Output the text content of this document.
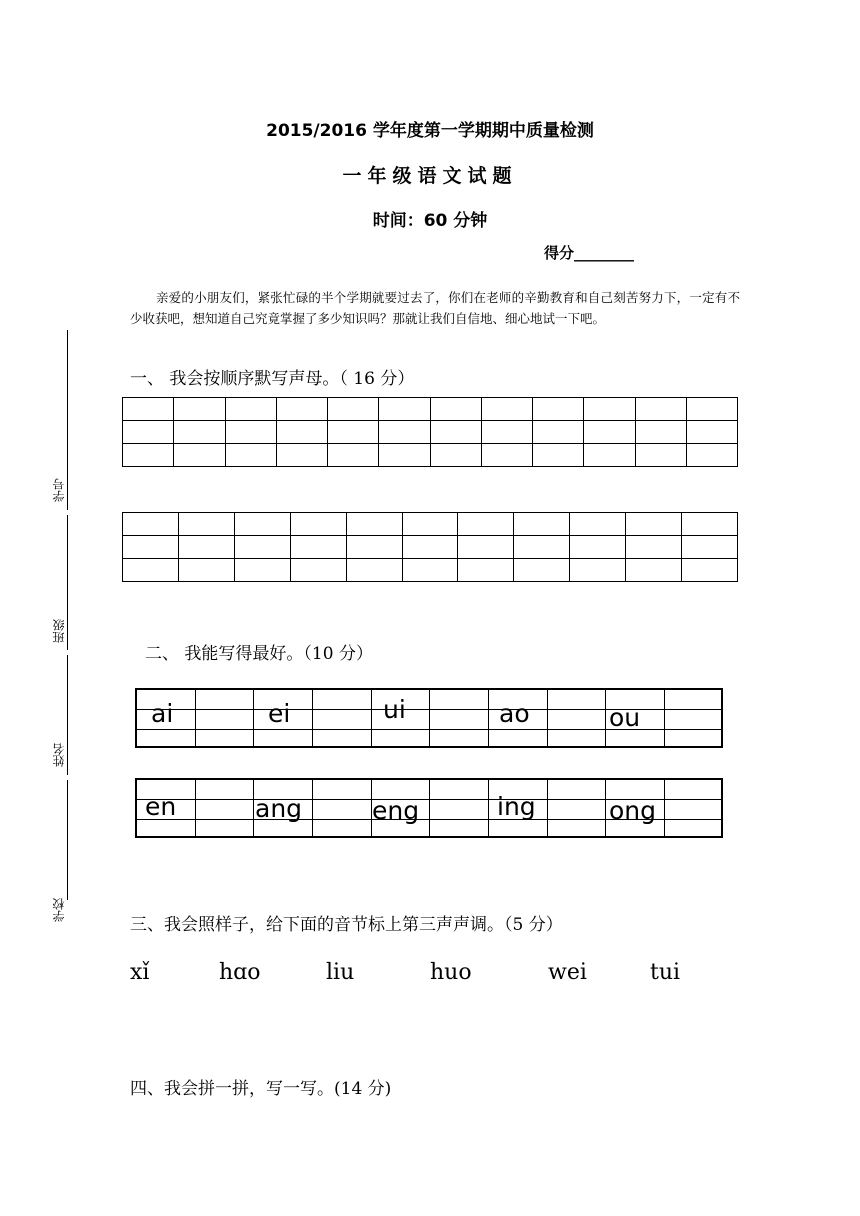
2015/2016 学年度第一学期期中质量检测
一年级语文试题
时间：60 分钟
得分________
亲爱的小朋友们，紧张忙碌的半个学期就要过去了，你们在老师的辛勤教育和自己刻苦努力下，一定有不少收获吧，想知道自己究竟掌握了多少知识吗？那就让我们自信地、细心地试一下吧。
一、 我会按顺序默写声母。（ 16 分）

二、 我能写得最好。（10 分）
ai	ei	ui	ao	ou
en	ang	eng	ing	ong
三、我会照样子，给下面的音节标上第三声声调。（5 分）
xǐ	hɑo	liu	huo	wei	tui
四、我会拼一拼，写一写。(14 分)
学号
班级
姓名
学校
